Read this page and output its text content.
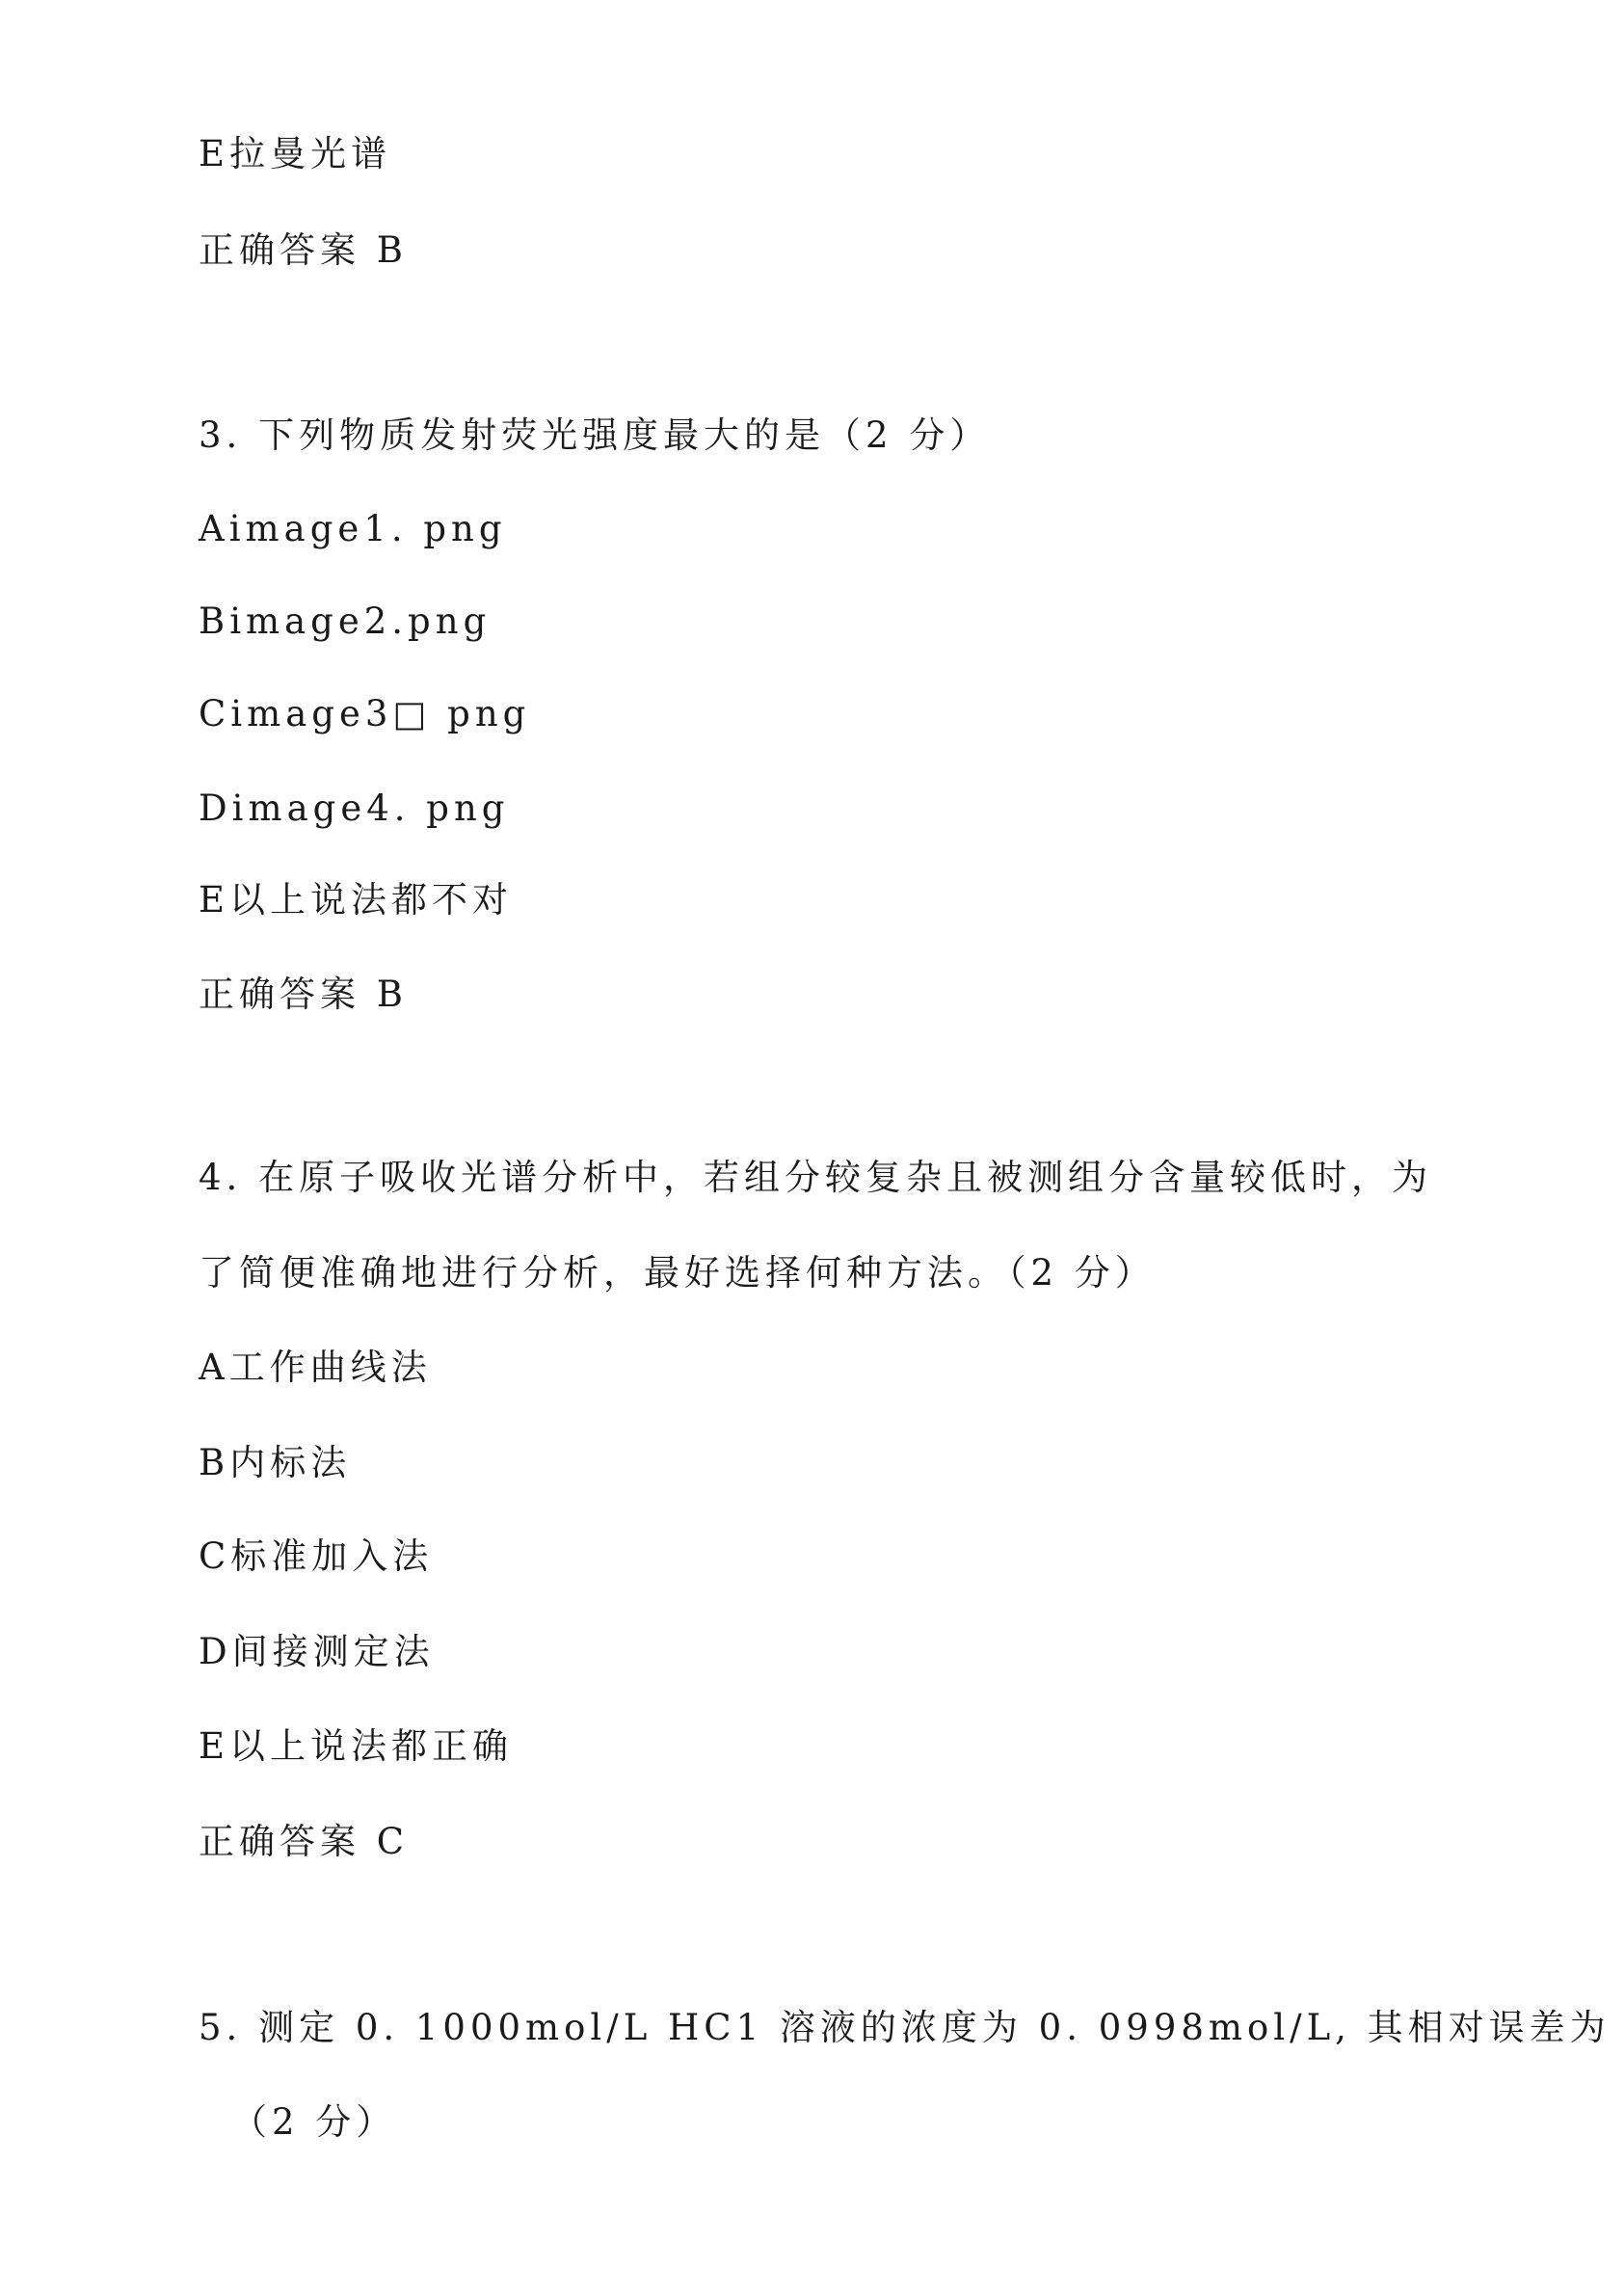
E拉曼光谱
正确答案 B
3. 下列物质发射荧光强度最大的是（2 分）
Aimage1. png
Bimage2.png
Cimage3□ png
Dimage4. png
E以上说法都不对
正确答案 B
4. 在原子吸收光谱分析中，若组分较复杂且被测组分含量较低时，为
了简便准确地进行分析，最好选择何种方法。（2 分）
A工作曲线法
B内标法
C标准加入法
D间接测定法
E以上说法都正确
正确答案 C
5. 测定 0. 1000mol/L HC1 溶液的浓度为 0. 0998mol/L, 其相对误差为
（2 分）
